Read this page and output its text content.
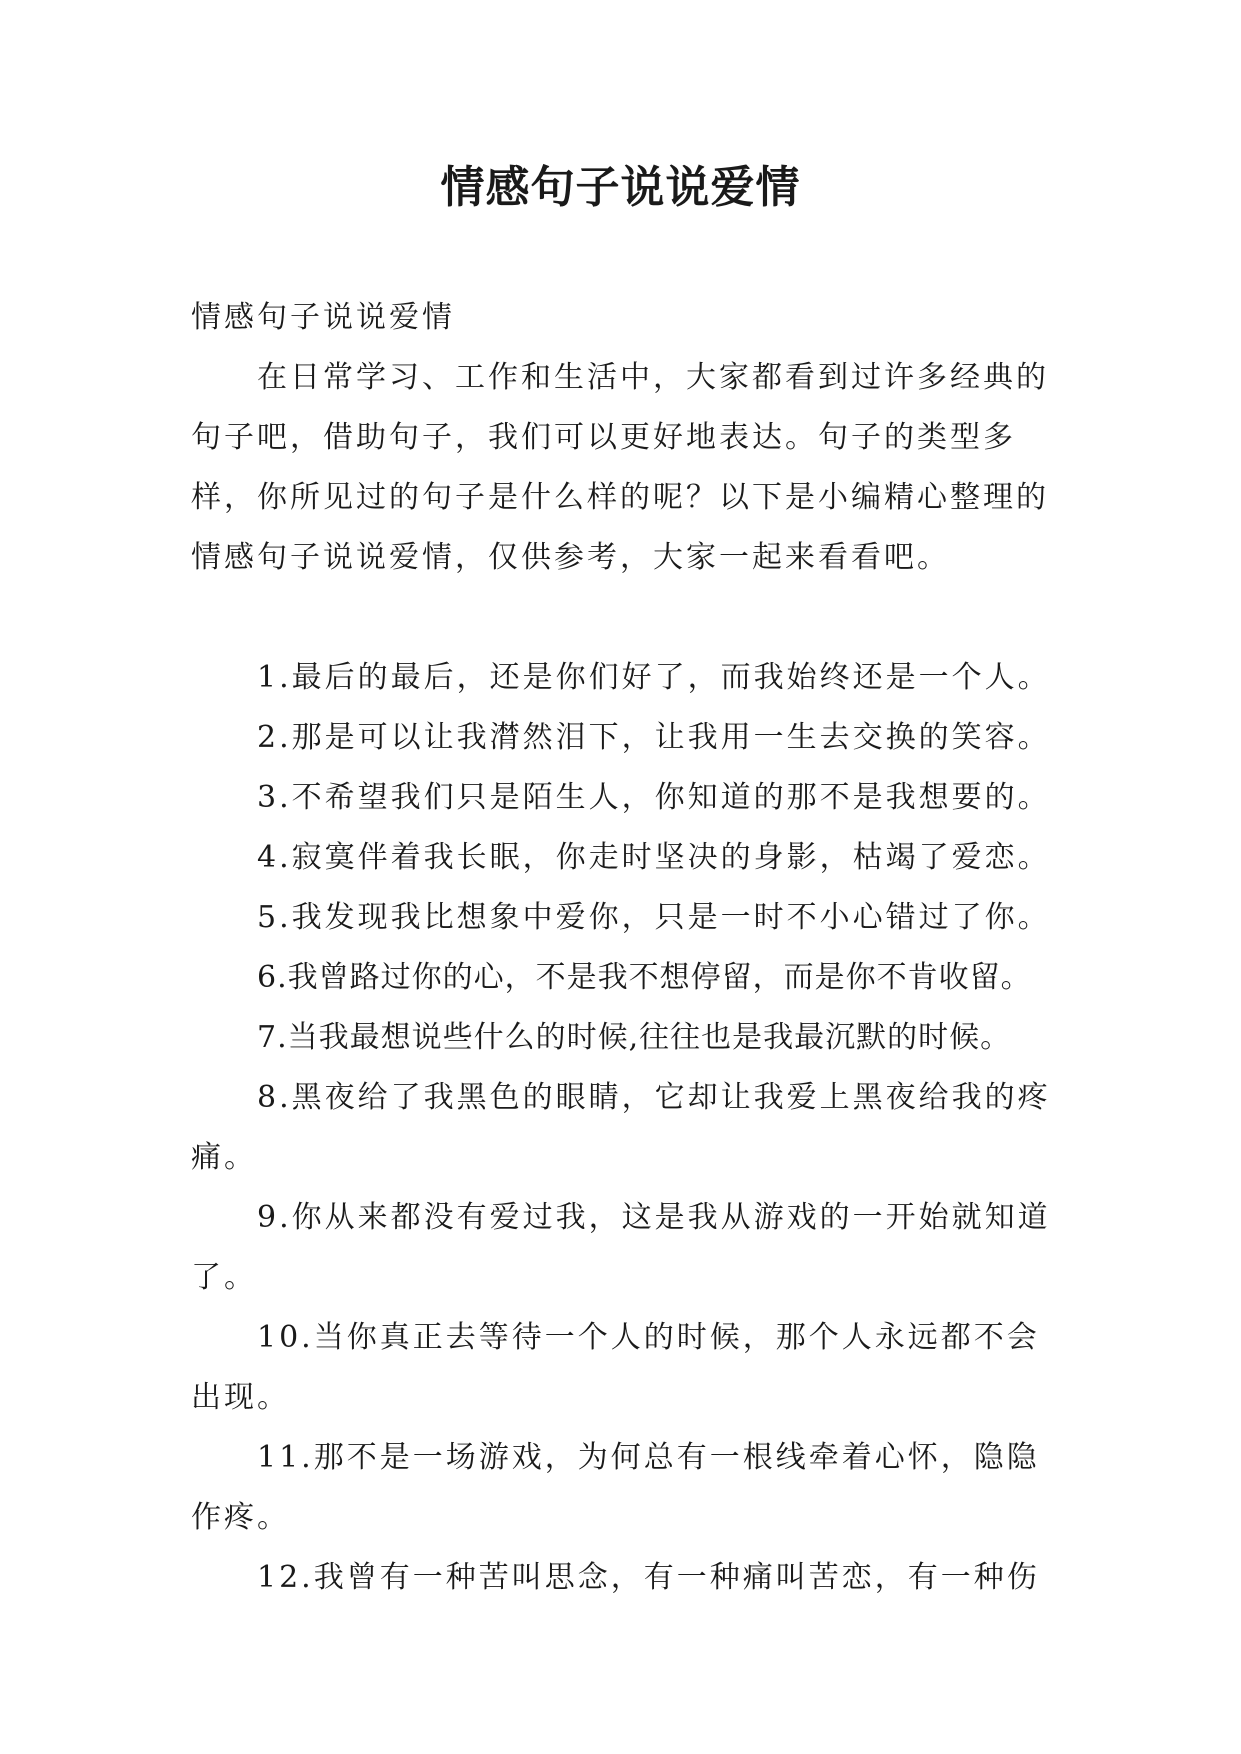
情感句子说说爱情

情感句子说说爱情

在日常学习、工作和生活中，大家都看到过许多经典的句子吧，借助句子，我们可以更好地表达。句子的类型多样，你所见过的句子是什么样的呢？以下是小编精心整理的情感句子说说爱情，仅供参考，大家一起来看看吧。

1.最后的最后，还是你们好了，而我始终还是一个人。

2.那是可以让我潸然泪下，让我用一生去交换的笑容。

3.不希望我们只是陌生人，你知道的那不是我想要的。

4.寂寞伴着我长眠，你走时坚决的身影，枯竭了爱恋。

5.我发现我比想象中爱你，只是一时不小心错过了你。

6.我曾路过你的心，不是我不想停留，而是你不肯收留。

7.当我最想说些什么的时候,往往也是我最沉默的时候。

8.黑夜给了我黑色的眼睛，它却让我爱上黑夜给我的疼痛。

9.你从来都没有爱过我，这是我从游戏的一开始就知道了。

10.当你真正去等待一个人的时候，那个人永远都不会出现。

11.那不是一场游戏，为何总有一根线牵着心怀，隐隐作疼。

12.我曾有一种苦叫思念，有一种痛叫苦恋，有一种伤
